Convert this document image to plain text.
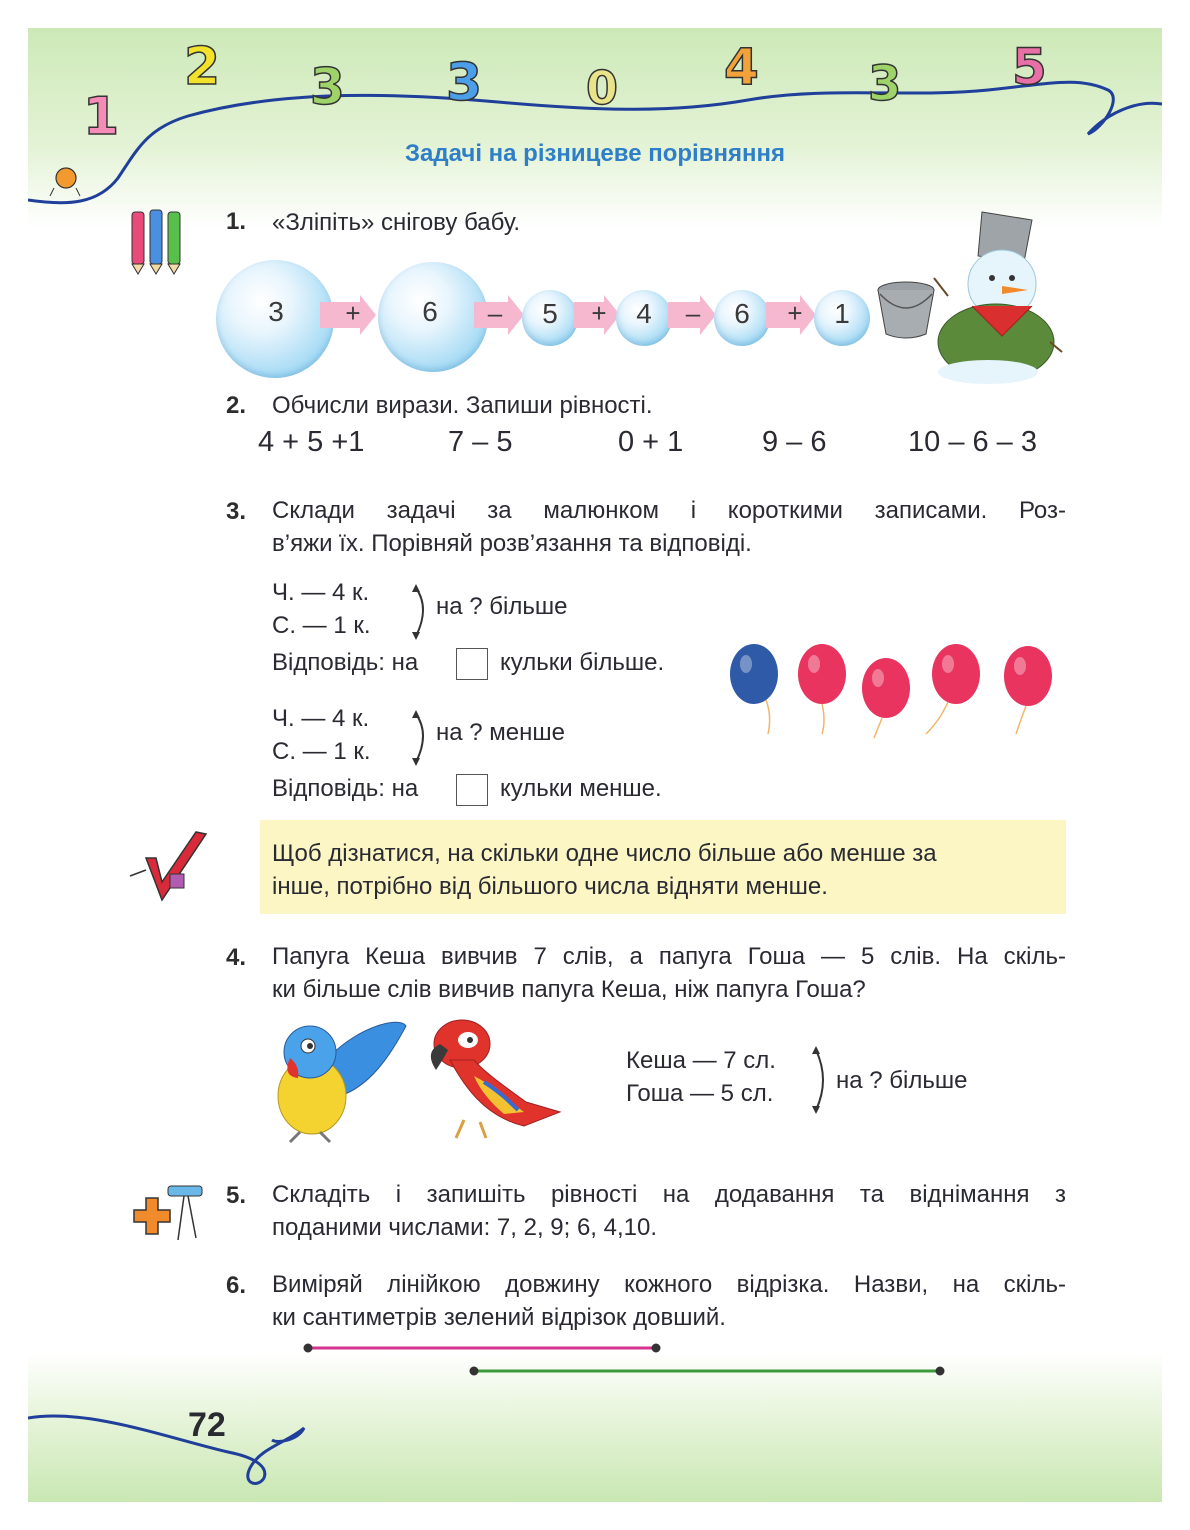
1
2 3 3 0 4 3 5
Задачі на різницеве порівняння
1. «Зліпіть» снігову бабу.
3	+	6	–	5	+	4	–	6	+	1
2. Обчисли вирази. Запиши рівності.
4 + 5 +1	7 – 5	0 + 1	9 – 6	10 – 6 – 3
3. Склади задачі за малюнком і короткими записами. Роз-
в’яжи їх. Порівняй розв’язання та відповіді.
Ч. — 4 к.
С. — 1 к.
на ? більше
Відповідь: на	кульки більше.
Ч. — 4 к.
С. — 1 к.
на ? менше
Відповідь: на	кульки менше.
Щоб дізнатися, на скільки одне число більше або менше за
інше, потрібно від більшого числа відняти менше.
4. Папуга Кеша вивчив 7 слів, а папуга Гоша — 5 слів. На скіль-
ки більше слів вивчив папуга Кеша, ніж папуга Гоша?
Кеша — 7 сл.
Гоша — 5 сл.	на ? більше
5. Складіть і запишіть рівності на додавання та віднімання з
поданими числами: 7, 2, 9; 6, 4,10.
6. Виміряй лінійкою довжину кожного відрізка. Назви, на скіль-
ки сантиметрів зелений відрізок довший.
72
